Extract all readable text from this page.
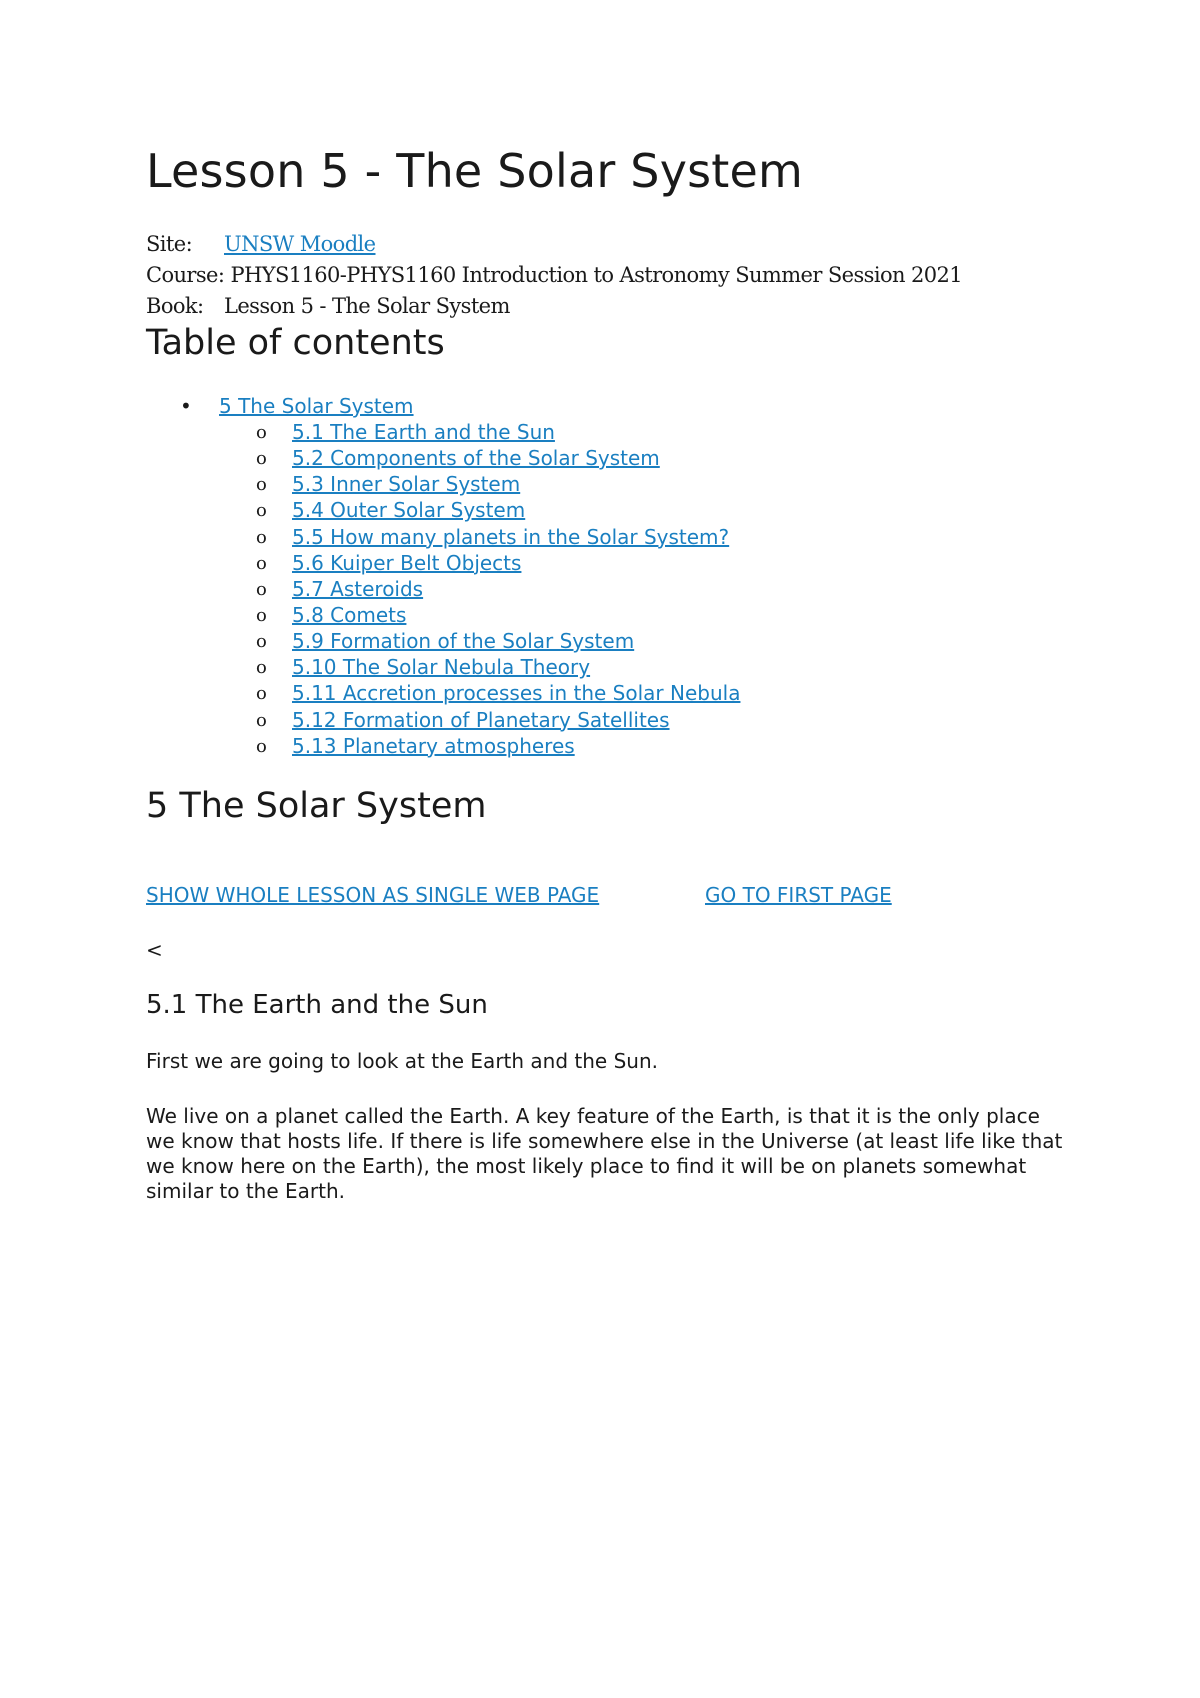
Lesson 5 - The Solar System
Site: UNSW Moodle
Course: PHYS1160-PHYS1160 Introduction to Astronomy Summer Session 2021
Book: Lesson 5 - The Solar System
Table of contents
• 5 The Solar System
o 5.1 The Earth and the Sun
o 5.2 Components of the Solar System
o 5.3 Inner Solar System
o 5.4 Outer Solar System
o 5.5 How many planets in the Solar System?
o 5.6 Kuiper Belt Objects
o 5.7 Asteroids
o 5.8 Comets
o 5.9 Formation of the Solar System
o 5.10 The Solar Nebula Theory
o 5.11 Accretion processes in the Solar Nebula
o 5.12 Formation of Planetary Satellites
o 5.13 Planetary atmospheres
5 The Solar System
SHOW WHOLE LESSON AS SINGLE WEB PAGE	GO TO FIRST PAGE
<
5.1 The Earth and the Sun

First we are going to look at the Earth and the Sun.

We live on a planet called the Earth. A key feature of the Earth, is that it is the only place we know that hosts life. If there is life somewhere else in the Universe (at least life like that we know here on the Earth), the most likely place to find it will be on planets somewhat similar to the Earth.
